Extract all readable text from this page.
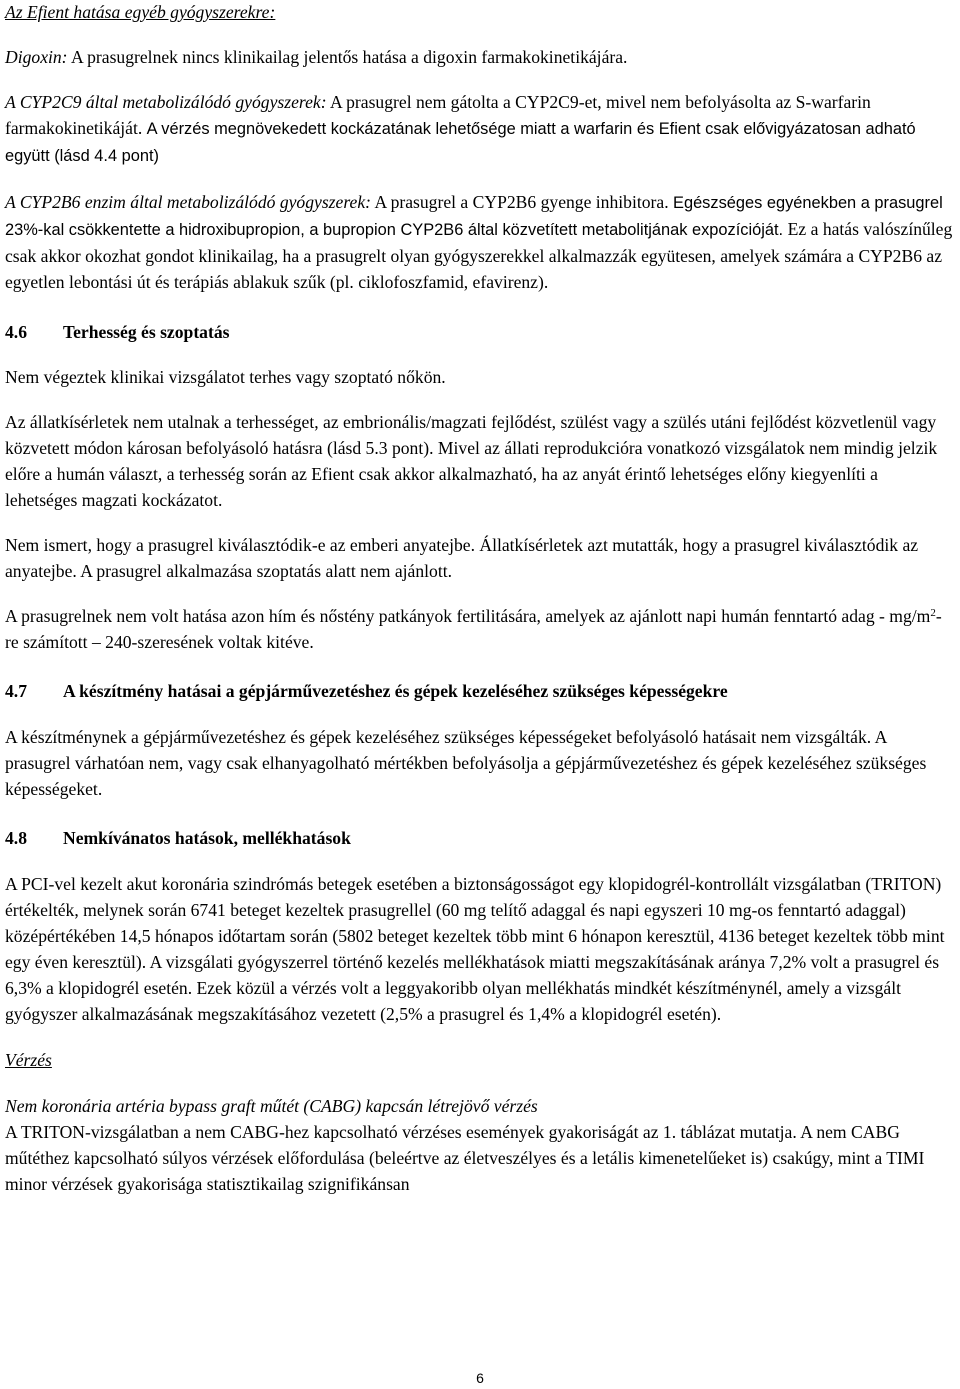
Az Efient hatása egyéb gyógyszerekre:

Digoxin: A prasugrelnek nincs klinikailag jelentős hatása a digoxin farmakokinetikájára.

A CYP2C9 által metabolizálódó gyógyszerek: A prasugrel nem gátolta a CYP2C9-et, mivel nem befolyásolta az S-warfarin farmakokinetikáját. A vérzés megnövekedett kockázatának lehetősége miatt a warfarin és Efient csak elővigyázatosan adható együtt (lásd 4.4 pont)

A CYP2B6 enzim által metabolizálódó gyógyszerek: A prasugrel a CYP2B6 gyenge inhibitora. Egészséges egyénekben a prasugrel 23%-kal csökkentette a hidroxibupropion, a bupropion CYP2B6 által közvetített metabolitjának expozícióját. Ez a hatás valószínűleg csak akkor okozhat gondot klinikailag, ha a prasugrelt olyan gyógyszerekkel alkalmazzák együtesen, amelyek számára a CYP2B6 az egyetlen lebontási út és terápiás ablakuk szűk (pl. ciklofoszfamid, efavirenz).

4.6 Terhesség és szoptatás

Nem végeztek klinikai vizsgálatot terhes vagy szoptató nőkön.

Az állatkísérletek nem utalnak a terhességet, az embrionális/magzati fejlődést, szülést vagy a szülés utáni fejlődést közvetlenül vagy közvetett módon károsan befolyásoló hatásra (lásd 5.3 pont). Mivel az állati reprodukcióra vonatkozó vizsgálatok nem mindig jelzik előre a humán választ, a terhesség során az Efient csak akkor alkalmazható, ha az anyát érintő lehetséges előny kiegyenlíti a lehetséges magzati kockázatot.

Nem ismert, hogy a prasugrel kiválasztódik-e az emberi anyatejbe. Állatkísérletek azt mutatták, hogy a prasugrel kiválasztódik az anyatejbe. A prasugrel alkalmazása szoptatás alatt nem ajánlott.

A prasugrelnek nem volt hatása azon hím és nőstény patkányok fertilitására, amelyek az ajánlott napi humán fenntartó adag - $mg/m^2-re$ számított – 240-szeresének voltak kitéve.

4.7 A készítmény hatásai a gépjárművezetéshez és gépek kezeléséhez szükséges képességekre

A készítménynek a gépjárművezetéshez és gépek kezeléséhez szükséges képességeket befolyásoló hatásait nem vizsgálták. A prasugrel várhatóan nem, vagy csak elhanyagolható mértékben befolyásolja a gépjárművezetéshez és gépek kezeléséhez szükséges képességeket.

4.8 Nemkívánatos hatások, mellékhatások

A PCI-vel kezelt akut koronária szindrómás betegek esetében a biztonságosságot egy klopidogrél-kontrollált vizsgálatban (TRITON) értékelték, melynek során 6741 beteget kezeltek prasugrellel (60 mg telítő adaggal és napi egyszeri 10 mg-os fenntartó adaggal) középértékében 14,5 hónapos időtartam során (5802 beteget kezeltek több mint 6 hónapon keresztül, 4136 beteget kezeltek több mint egy éven keresztül). A vizsgálati gyógyszerrel történő kezelés mellékhatások miatti megszakításának aránya 7,2% volt a prasugrel és 6,3% a klopidogrél esetén. Ezek közül a vérzés volt a leggyakoribb olyan mellékhatás mindkét készítménynél, amely a vizsgált gyógyszer alkalmazásának megszakításához vezetett (2,5% a prasugrel és 1,4% a klopidogrél esetén).

Vérzés

Nem koronária artéria bypass graft műtét (CABG) kapcsán létrejövő vérzés

A TRITON-vizsgálatban a nem CABG-hez kapcsolható vérzéses események gyakoriságát az 1. táblázat mutatja. A nem CABG műtéthez kapcsolható súlyos vérzések előfordulása (beleértve az életveszélyes és a letális kimenetelűeket is) csakúgy, mint a TIMI minor vérzések gyakorisága statisztikailag szignifikánsan

6
